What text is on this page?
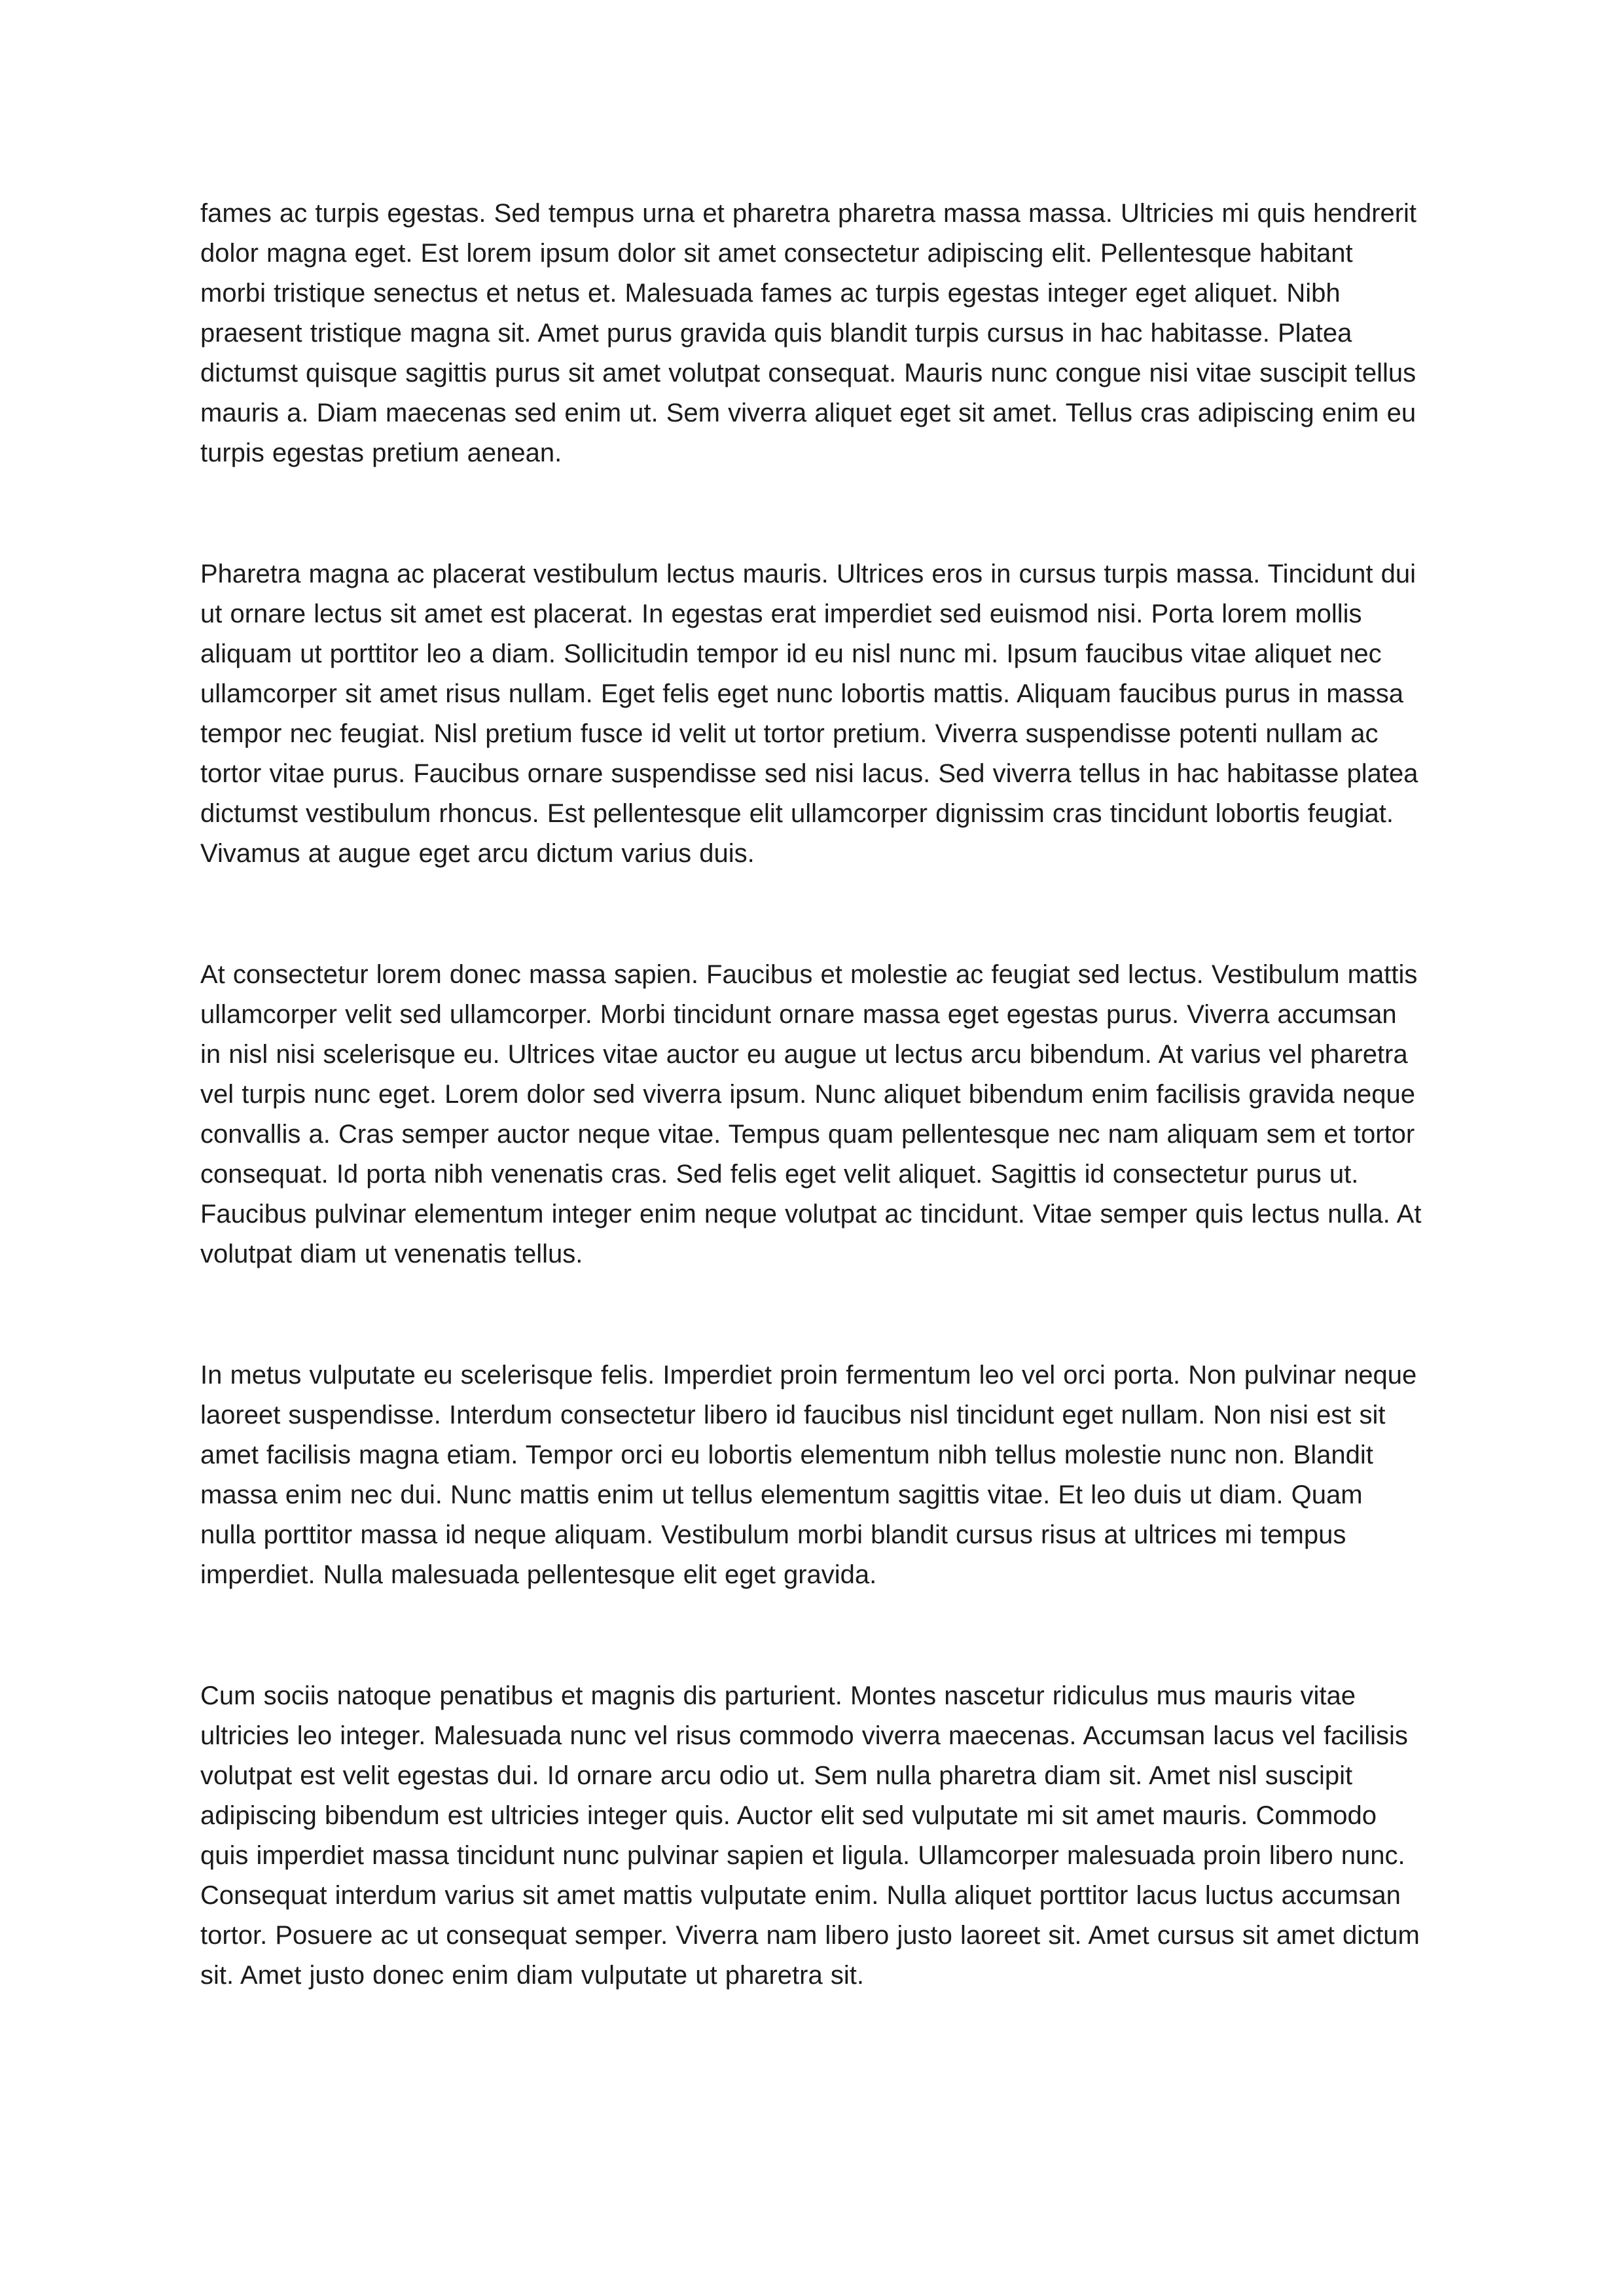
fames ac turpis egestas. Sed tempus urna et pharetra pharetra massa massa. Ultricies mi quis hendrerit dolor magna eget. Est lorem ipsum dolor sit amet consectetur adipiscing elit. Pellentesque habitant morbi tristique senectus et netus et. Malesuada fames ac turpis egestas integer eget aliquet. Nibh praesent tristique magna sit. Amet purus gravida quis blandit turpis cursus in hac habitasse. Platea dictumst quisque sagittis purus sit amet volutpat consequat. Mauris nunc congue nisi vitae suscipit tellus mauris a. Diam maecenas sed enim ut. Sem viverra aliquet eget sit amet. Tellus cras adipiscing enim eu turpis egestas pretium aenean.

Pharetra magna ac placerat vestibulum lectus mauris. Ultrices eros in cursus turpis massa. Tincidunt dui ut ornare lectus sit amet est placerat. In egestas erat imperdiet sed euismod nisi. Porta lorem mollis aliquam ut porttitor leo a diam. Sollicitudin tempor id eu nisl nunc mi. Ipsum faucibus vitae aliquet nec ullamcorper sit amet risus nullam. Eget felis eget nunc lobortis mattis. Aliquam faucibus purus in massa tempor nec feugiat. Nisl pretium fusce id velit ut tortor pretium. Viverra suspendisse potenti nullam ac tortor vitae purus. Faucibus ornare suspendisse sed nisi lacus. Sed viverra tellus in hac habitasse platea dictumst vestibulum rhoncus. Est pellentesque elit ullamcorper dignissim cras tincidunt lobortis feugiat. Vivamus at augue eget arcu dictum varius duis.

At consectetur lorem donec massa sapien. Faucibus et molestie ac feugiat sed lectus. Vestibulum mattis ullamcorper velit sed ullamcorper. Morbi tincidunt ornare massa eget egestas purus. Viverra accumsan in nisl nisi scelerisque eu. Ultrices vitae auctor eu augue ut lectus arcu bibendum. At varius vel pharetra vel turpis nunc eget. Lorem dolor sed viverra ipsum. Nunc aliquet bibendum enim facilisis gravida neque convallis a. Cras semper auctor neque vitae. Tempus quam pellentesque nec nam aliquam sem et tortor consequat. Id porta nibh venenatis cras. Sed felis eget velit aliquet. Sagittis id consectetur purus ut. Faucibus pulvinar elementum integer enim neque volutpat ac tincidunt. Vitae semper quis lectus nulla. At volutpat diam ut venenatis tellus.

In metus vulputate eu scelerisque felis. Imperdiet proin fermentum leo vel orci porta. Non pulvinar neque laoreet suspendisse. Interdum consectetur libero id faucibus nisl tincidunt eget nullam. Non nisi est sit amet facilisis magna etiam. Tempor orci eu lobortis elementum nibh tellus molestie nunc non. Blandit massa enim nec dui. Nunc mattis enim ut tellus elementum sagittis vitae. Et leo duis ut diam. Quam nulla porttitor massa id neque aliquam. Vestibulum morbi blandit cursus risus at ultrices mi tempus imperdiet. Nulla malesuada pellentesque elit eget gravida.

Cum sociis natoque penatibus et magnis dis parturient. Montes nascetur ridiculus mus mauris vitae ultricies leo integer. Malesuada nunc vel risus commodo viverra maecenas. Accumsan lacus vel facilisis volutpat est velit egestas dui. Id ornare arcu odio ut. Sem nulla pharetra diam sit. Amet nisl suscipit adipiscing bibendum est ultricies integer quis. Auctor elit sed vulputate mi sit amet mauris. Commodo quis imperdiet massa tincidunt nunc pulvinar sapien et ligula. Ullamcorper malesuada proin libero nunc. Consequat interdum varius sit amet mattis vulputate enim. Nulla aliquet porttitor lacus luctus accumsan tortor. Posuere ac ut consequat semper. Viverra nam libero justo laoreet sit. Amet cursus sit amet dictum sit. Amet justo donec enim diam vulputate ut pharetra sit.
